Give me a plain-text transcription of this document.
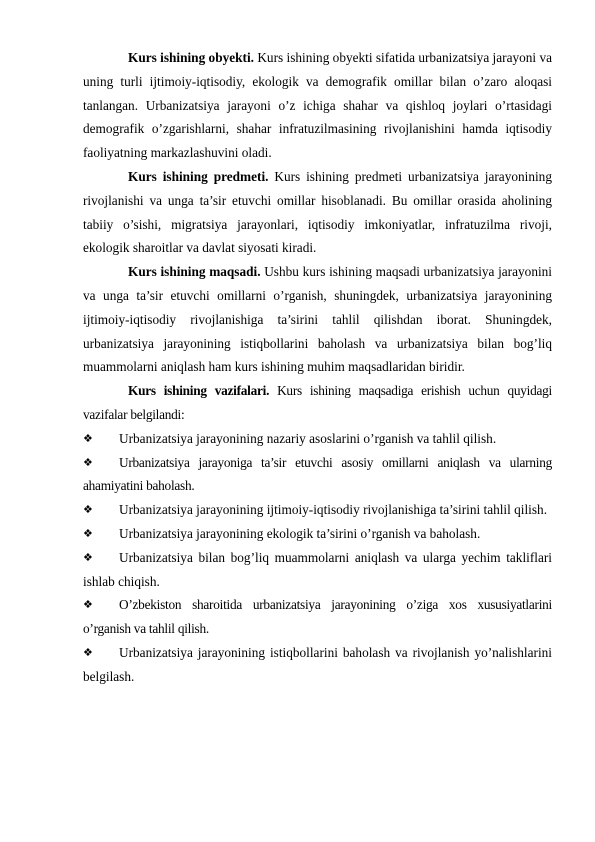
Kurs ishining obyekti. Kurs ishining obyekti sifatida urbanizatsiya jarayoni va uning turli ijtimoiy-iqtisodiy, ekologik va demografik omillar bilan o’zaro aloqasi tanlangan. Urbanizatsiya jarayoni o’z ichiga shahar va qishloq joylari o’rtasidagi demografik o’zgarishlarni, shahar infratuzilmasining rivojlanishini hamda iqtisodiy faoliyatning markazlashuvini oladi.

Kurs ishining predmeti. Kurs ishining predmeti urbanizatsiya jarayonining rivojlanishi va unga ta’sir etuvchi omillar hisoblanadi. Bu omillar orasida aholining tabiiy o’sishi, migratsiya jarayonlari, iqtisodiy imkoniyatlar, infratuzilma rivoji, ekologik sharoitlar va davlat siyosati kiradi.

Kurs ishining maqsadi. Ushbu kurs ishining maqsadi urbanizatsiya jarayonini va unga ta’sir etuvchi omillarni o’rganish, shuningdek, urbanizatsiya jarayonining ijtimoiy-iqtisodiy rivojlanishiga ta’sirini tahlil qilishdan iborat. Shuningdek, urbanizatsiya jarayonining istiqbollarini baholash va urbanizatsiya bilan bog’liq muammolarni aniqlash ham kurs ishining muhim maqsadlaridan biridir.

Kurs ishining vazifalari. Kurs ishining maqsadiga erishish uchun quyidagi vazifalar belgilandi:

❖ Urbanizatsiya jarayonining nazariy asoslarini o’rganish va tahlil qilish.
❖ Urbanizatsiya jarayoniga ta’sir etuvchi asosiy omillarni aniqlash va ularning ahamiyatini baholash.
❖ Urbanizatsiya jarayonining ijtimoiy-iqtisodiy rivojlanishiga ta’sirini tahlil qilish.
❖ Urbanizatsiya jarayonining ekologik ta’sirini o’rganish va baholash.
❖ Urbanizatsiya bilan bog’liq muammolarni aniqlash va ularga yechim takliflari ishlab chiqish.
❖ O’zbekiston sharoitida urbanizatsiya jarayonining o’ziga xos xususiyatlarini o’rganish va tahlil qilish.
❖ Urbanizatsiya jarayonining istiqbollarini baholash va rivojlanish yo’nalishlarini belgilash.
